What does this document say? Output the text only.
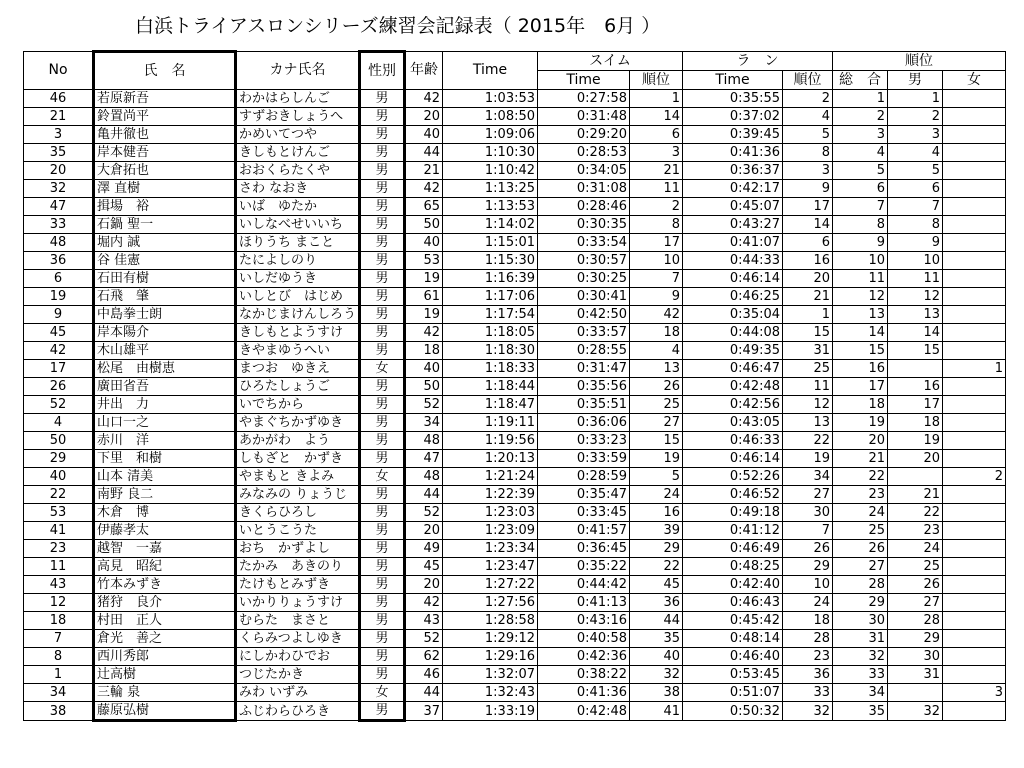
白浜トライアスロンシリーズ練習会記録表（ 2015年　6月 ）
No	氏　名	カナ氏名	性別	年齢	Time	スイム		ラ　ン		順位		
						Time	順位	Time	順位	総　合	男	女
46	若原新吾	わかはらしんご	男	42	1:03:53	0:27:58	1	0:35:55	2	1	1	
21	鈴置尚平	すずおきしょうへ	男	20	1:08:50	0:31:48	14	0:37:02	4	2	2	
3	亀井徹也	かめいてつや	男	40	1:09:06	0:29:20	6	0:39:45	5	3	3	
35	岸本健吾	きしもとけんご	男	44	1:10:30	0:28:53	3	0:41:36	8	4	4	
20	大倉拓也	おおくらたくや	男	21	1:10:42	0:34:05	21	0:36:37	3	5	5	
32	澤 直樹	さわ なおき	男	42	1:13:25	0:31:08	11	0:42:17	9	6	6	
47	揖場　裕	いば　ゆたか	男	65	1:13:53	0:28:46	2	0:45:07	17	7	7	
33	石鍋 聖一	いしなべせいいち	男	50	1:14:02	0:30:35	8	0:43:27	14	8	8	
48	堀内 誠	ほりうち まこと	男	40	1:15:01	0:33:54	17	0:41:07	6	9	9	
36	谷 佳憲	たによしのり	男	53	1:15:30	0:30:57	10	0:44:33	16	10	10	
6	石田有樹	いしだゆうき	男	19	1:16:39	0:30:25	7	0:46:14	20	11	11	
19	石飛　肇	いしとび　はじめ	男	61	1:17:06	0:30:41	9	0:46:25	21	12	12	
9	中島拳士朗	なかじまけんしろう	男	19	1:17:54	0:42:50	42	0:35:04	1	13	13	
45	岸本陽介	きしもとようすけ	男	42	1:18:05	0:33:57	18	0:44:08	15	14	14	
42	木山雄平	きやまゆうへい	男	18	1:18:30	0:28:55	4	0:49:35	31	15	15	
17	松尾　由樹恵	まつお　ゆきえ	女	40	1:18:33	0:31:47	13	0:46:47	25	16		1
26	廣田省吾	ひろたしょうご	男	50	1:18:44	0:35:56	26	0:42:48	11	17	16	
52	井出　力	いでちから	男	52	1:18:47	0:35:51	25	0:42:56	12	18	17	
4	山口一之	やまぐちかずゆき	男	34	1:19:11	0:36:06	27	0:43:05	13	19	18	
50	赤川　洋	あかがわ　よう	男	48	1:19:56	0:33:23	15	0:46:33	22	20	19	
29	下里　和樹	しもざと　かずき	男	47	1:20:13	0:33:59	19	0:46:14	19	21	20	
40	山本 清美	やまもと きよみ	女	48	1:21:24	0:28:59	5	0:52:26	34	22		2
22	南野 良二	みなみの りょうじ	男	44	1:22:39	0:35:47	24	0:46:52	27	23	21	
53	木倉　博	きくらひろし	男	52	1:23:03	0:33:45	16	0:49:18	30	24	22	
41	伊藤孝太	いとうこうた	男	20	1:23:09	0:41:57	39	0:41:12	7	25	23	
23	越智　一嘉	おち　かずよし	男	49	1:23:34	0:36:45	29	0:46:49	26	26	24	
11	高見　昭紀	たかみ　あきのり	男	45	1:23:47	0:35:22	22	0:48:25	29	27	25	
43	竹本みずき	たけもとみずき	男	20	1:27:22	0:44:42	45	0:42:40	10	28	26	
12	猪狩　良介	いかりりょうすけ	男	42	1:27:56	0:41:13	36	0:46:43	24	29	27	
18	村田　正人	むらた　まさと	男	43	1:28:58	0:43:16	44	0:45:42	18	30	28	
7	倉光　善之	くらみつよしゆき	男	52	1:29:12	0:40:58	35	0:48:14	28	31	29	
8	西川秀郎	にしかわひでお	男	62	1:29:16	0:42:36	40	0:46:40	23	32	30	
1	辻高樹	つじたかき	男	46	1:32:07	0:38:22	32	0:53:45	36	33	31	
34	三輪 泉	みわ いずみ	女	44	1:32:43	0:41:36	38	0:51:07	33	34		3
38	藤原弘樹	ふじわらひろき	男	37	1:33:19	0:42:48	41	0:50:32	32	35	32	
